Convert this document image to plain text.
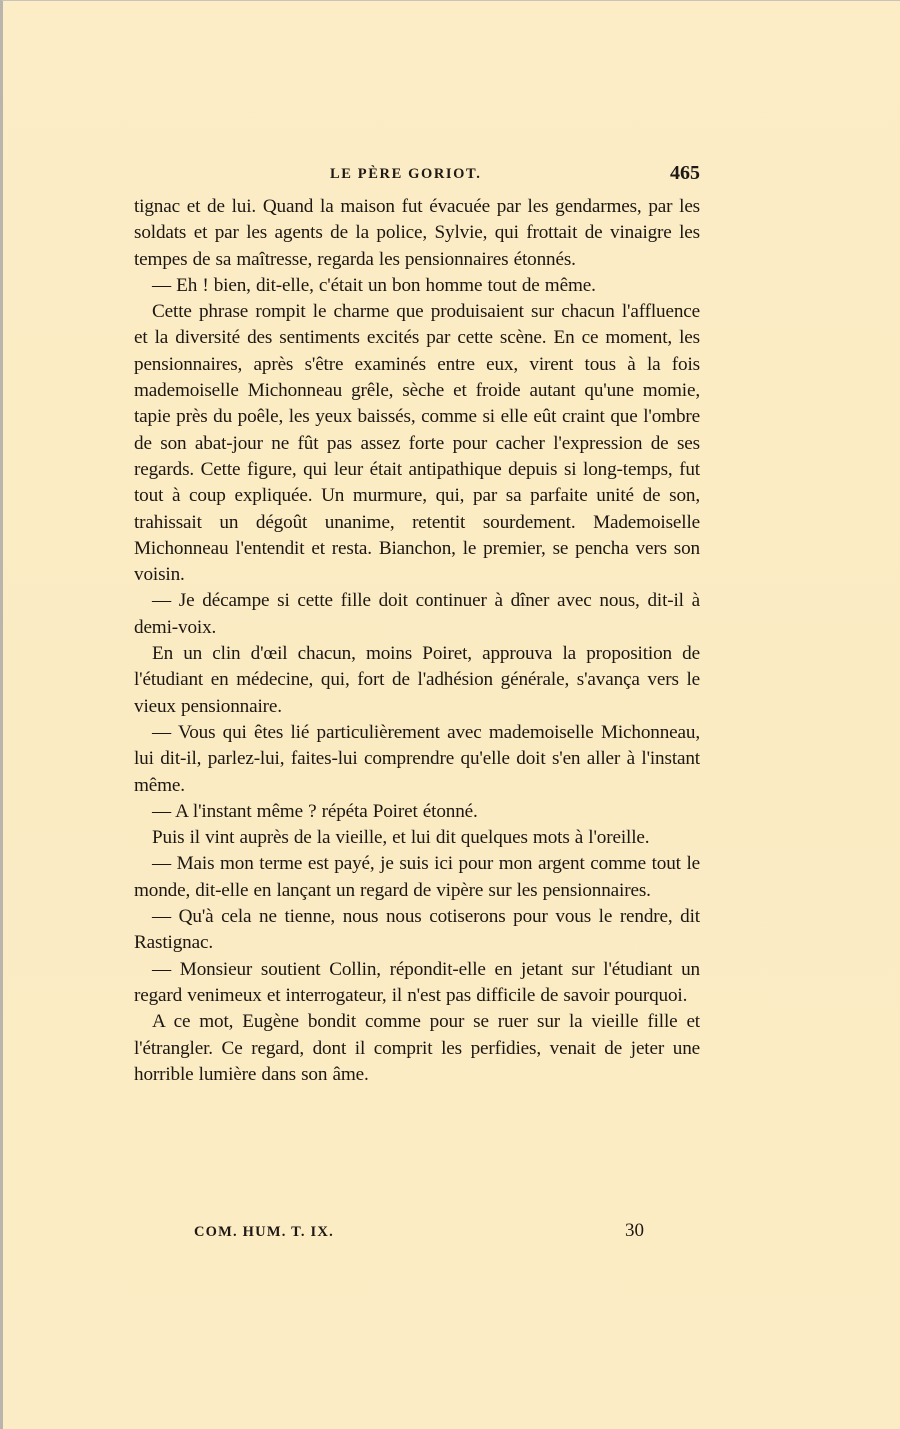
LE PÈRE GORIOT.	465

tignac et de lui. Quand la maison fut évacuée par les gendarmes, par les soldats et par les agents de la police, Sylvie, qui frottait de vinaigre les tempes de sa maîtresse, regarda les pensionnaires étonnés.

— Eh ! bien, dit-elle, c'était un bon homme tout de même.

Cette phrase rompit le charme que produisaient sur chacun l'affluence et la diversité des sentiments excités par cette scène. En ce moment, les pensionnaires, après s'être examinés entre eux, virent tous à la fois mademoiselle Michonneau grêle, sèche et froide autant qu'une momie, tapie près du poêle, les yeux baissés, comme si elle eût craint que l'ombre de son abat-jour ne fût pas assez forte pour cacher l'expression de ses regards. Cette figure, qui leur était antipathique depuis si long-temps, fut tout à coup expliquée. Un murmure, qui, par sa parfaite unité de son, trahissait un dégoût unanime, retentit sourdement. Mademoiselle Michonneau l'entendit et resta. Bianchon, le premier, se pencha vers son voisin.

— Je décampe si cette fille doit continuer à dîner avec nous, dit-il à demi-voix.

En un clin d'œil chacun, moins Poiret, approuva la proposition de l'étudiant en médecine, qui, fort de l'adhésion générale, s'avança vers le vieux pensionnaire.

— Vous qui êtes lié particulièrement avec mademoiselle Michonneau, lui dit-il, parlez-lui, faites-lui comprendre qu'elle doit s'en aller à l'instant même.

— A l'instant même ? répéta Poiret étonné.

Puis il vint auprès de la vieille, et lui dit quelques mots à l'oreille.

— Mais mon terme est payé, je suis ici pour mon argent comme tout le monde, dit-elle en lançant un regard de vipère sur les pensionnaires.

— Qu'à cela ne tienne, nous nous cotiserons pour vous le rendre, dit Rastignac.

— Monsieur soutient Collin, répondit-elle en jetant sur l'étudiant un regard venimeux et interrogateur, il n'est pas difficile de savoir pourquoi.

A ce mot, Eugène bondit comme pour se ruer sur la vieille fille et l'étrangler. Ce regard, dont il comprit les perfidies, venait de jeter une horrible lumière dans son âme.

COM. HUM. T. IX.	30
